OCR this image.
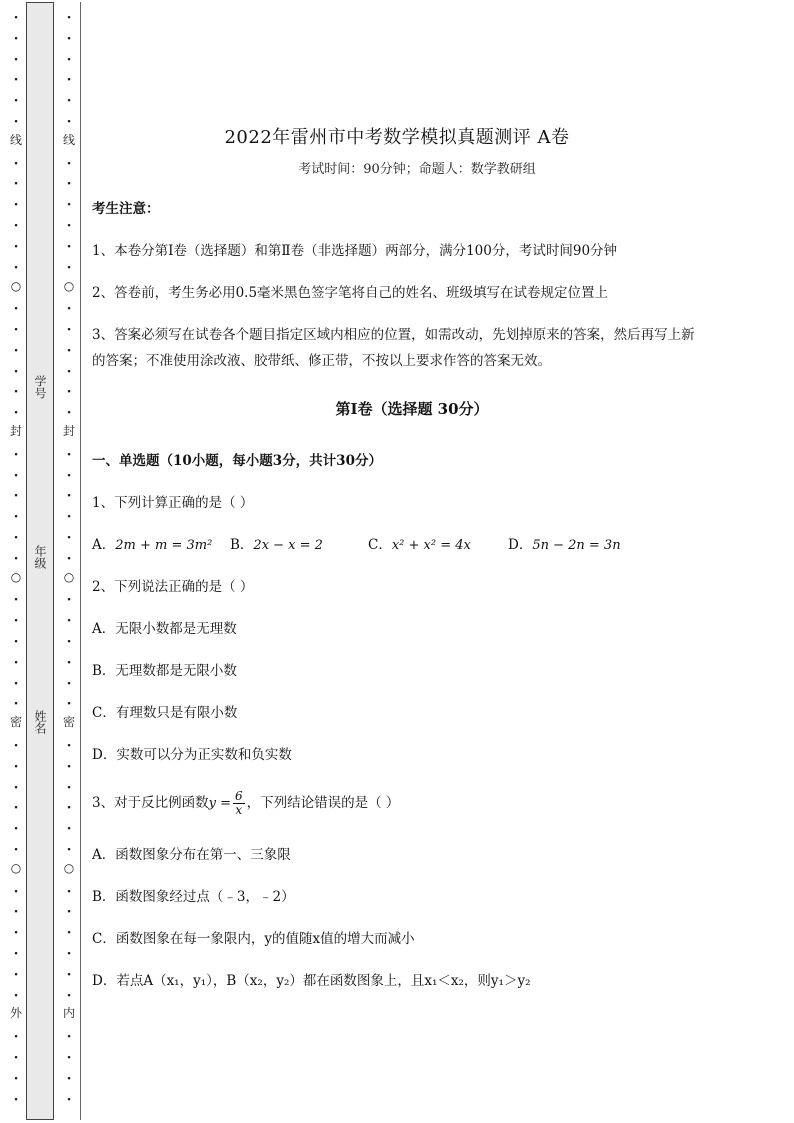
·
·
·
·
·
·
·
·
·
·
·
·
·
·
·
·
·
·
·
·
·
·
·
·
·
·
·
·
·
·
·
·
·
·
·
·
·
·
·
·
·
·
·
·
·
·
线
○
封
○
密
○
外
·
·
·
·
·
·
·
·
·
·
·
·
·
·
·
·
·
·
·
·
·
·
·
·
·
·
·
·
·
·
·
·
·
·
·
·
·
·
·
·
·
·
·
·
·
·
线
○
封
○
密
○
内
学号
年级
姓名
2022年雷州市中考数学模拟真题测评 A卷
考试时间：90分钟；命题人：数学教研组
考生注意：
1、本卷分第I卷（选择题）和第Ⅱ卷（非选择题）两部分，满分100分，考试时间90分钟
2、答卷前，考生务必用0.5毫米黑色签字笔将自己的姓名、班级填写在试卷规定位置上
3、答案必须写在试卷各个题目指定区域内相应的位置，如需改动，先划掉原来的答案，然后再写上新
的答案；不准使用涂改液、胶带纸、修正带，不按以上要求作答的答案无效。
第I卷（选择题 30分）
一、单选题（10小题，每小题3分，共计30分）
1、下列计算正确的是（ ）
A．2m + m = 3m²	B．2x − x = 2	C．x² + x² = 4x	D．5n − 2n = 3n
2、下列说法正确的是（ ）
A．无限小数都是无理数
B．无理数都是无限小数
C．有理数只是有限小数
D．实数可以分为正实数和负实数
3、对于反比例函数$y = \frac{6}{x}$ ，下列结论错误的是（ ）
A．函数图象分布在第一、三象限
B．函数图象经过点（﹣3，﹣2）
C．函数图象在每一象限内，y的值随x值的增大而减小
D．若点A（x₁，y₁），B（x₂，y₂）都在函数图象上，且x₁＜x₂，则y₁＞y₂
